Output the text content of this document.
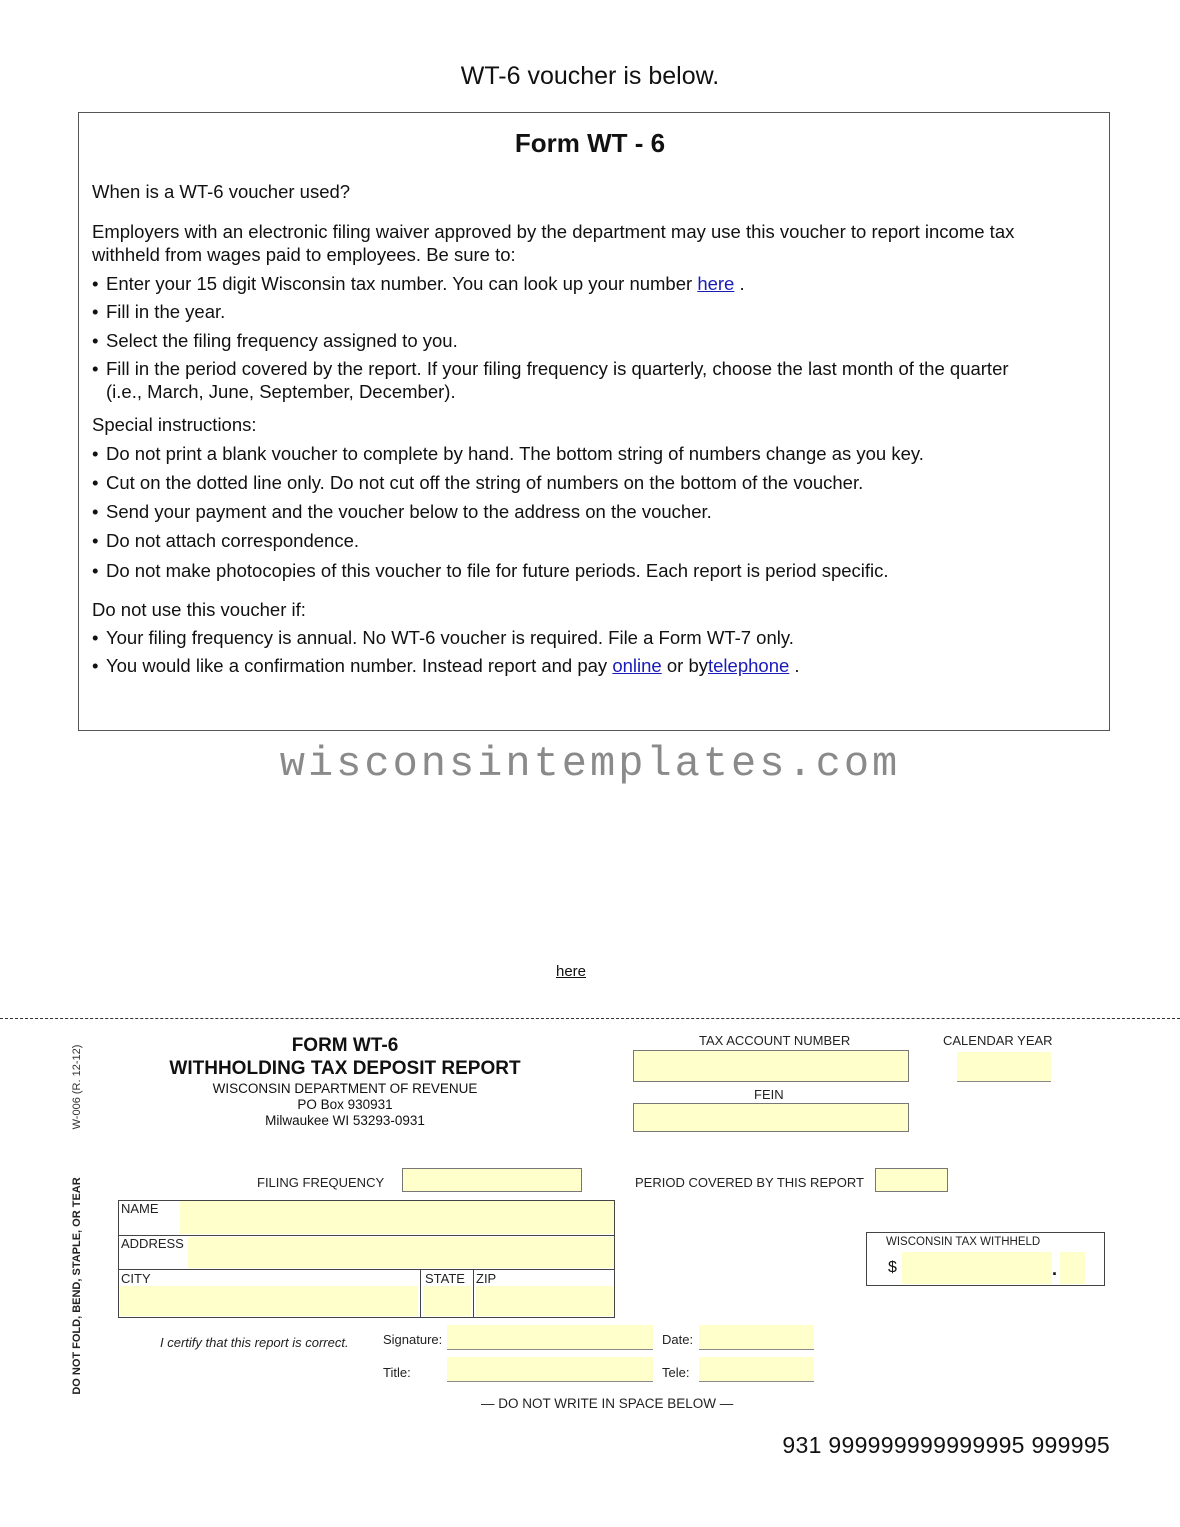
WT-6 voucher is below.
Form WT - 6
When is a WT-6 voucher used?
Employers with an electronic filing waiver approved by the department may use this voucher to report income tax
withheld from wages paid to employees. Be sure to:
• Enter your 15 digit Wisconsin tax number. You can look up your number here .
• Fill in the year.
• Select the filing frequency assigned to you.
• Fill in the period covered by the report. If your filing frequency is quarterly, choose the last month of the quarter
(i.e., March, June, September, December).
Special instructions:
• Do not print a blank voucher to complete by hand. The bottom string of numbers change as you key.
• Cut on the dotted line only. Do not cut off the string of numbers on the bottom of the voucher.
• Send your payment and the voucher below to the address on the voucher.
• Do not attach correspondence.
• Do not make photocopies of this voucher to file for future periods. Each report is period specific.
Do not use this voucher if:
• Your filing frequency is annual. No WT-6 voucher is required. File a Form WT-7 only.
• You would like a confirmation number. Instead report and pay online or bytelephone .
wisconsintemplates.com
here
W-006 (R. 12-12)
DO NOT FOLD, BEND, STAPLE, OR TEAR
FORM WT-6
WITHHOLDING TAX DEPOSIT REPORT
WISCONSIN DEPARTMENT OF REVENUE
PO Box 930931
Milwaukee WI 53293-0931
TAX ACCOUNT NUMBER	CALENDAR YEAR
FEIN
FILING FREQUENCY	PERIOD COVERED BY THIS REPORT
NAME
ADDRESS
CITY	STATE ZIP
WISCONSIN TAX WITHHELD
$	.
I certify that this report is correct.	Signature:	Date:
Title:	Tele:
— DO NOT WRITE IN SPACE BELOW —
931 999999999999995 999995
